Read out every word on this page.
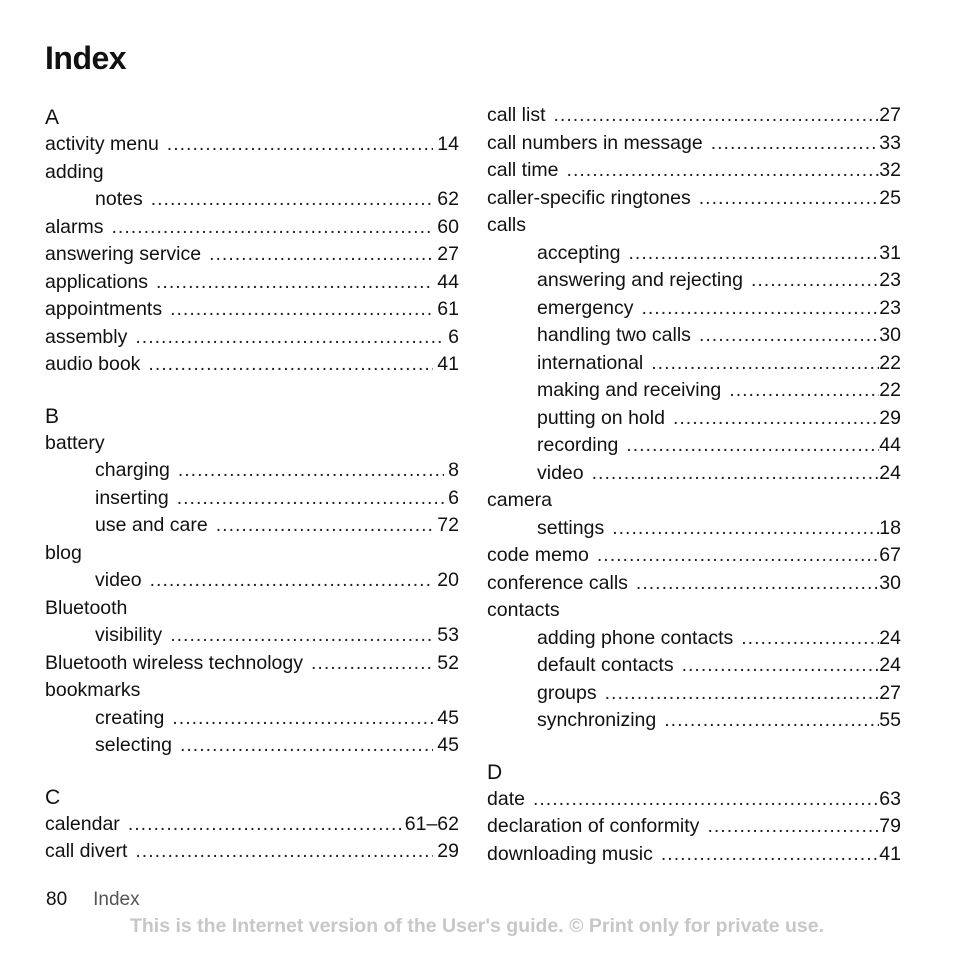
Index
A
activity menu .....	14
adding
notes .....	62
alarms .....	60
answering service .....	27
applications .....	44
appointments .....	61
assembly .....	6
audio book .....	41
B
battery
charging .....	8
inserting .....	6
use and care .....	72
blog
video .....	20
Bluetooth
visibility .....	53
Bluetooth wireless technology .....	52
bookmarks
creating .....	45
selecting .....	45
C
calendar .....	61–62
call divert .....	29
call list .....	27
call numbers in message .....	33
call time .....	32
caller-specific ringtones .....	25
calls
accepting .....	31
answering and rejecting .....	23
emergency .....	23
handling two calls .....	30
international .....	22
making and receiving .....	22
putting on hold .....	29
recording .....	44
video .....	24
camera
settings .....	18
code memo .....	67
conference calls .....	30
contacts
adding phone contacts .....	24
default contacts .....	24
groups .....	27
synchronizing .....	55
D
date .....	63
declaration of conformity .....	79
downloading music .....	41
80 Index
This is the Internet version of the User's guide. © Print only for private use.
